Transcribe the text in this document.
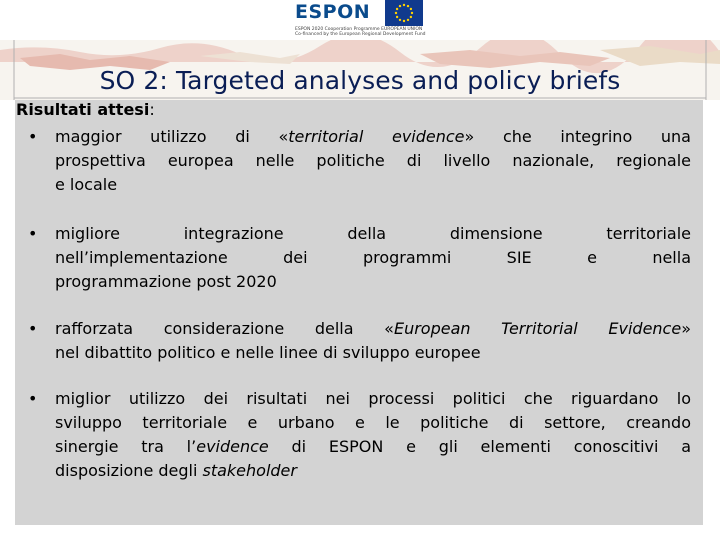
ESPON
ESPON 2020 Cooperation Programme EUROPEAN UNION
Co-financed by the European Regional Development Fund
SO 2: Targeted analyses and policy briefs
Risultati attesi:
• maggior utilizzo di «territorial evidence» che integrino una
prospettiva europea nelle politiche di livello nazionale, regionale
e locale
• migliore integrazione della dimensione territoriale
nell’implementazione dei programmi SIE e nella
programmazione post 2020
• rafforzata considerazione della «European Territorial Evidence»
nel dibattito politico e nelle linee di sviluppo europee
• miglior utilizzo dei risultati nei processi politici che riguardano lo
sviluppo territoriale e urbano e le politiche di settore, creando
sinergie tra l’evidence di ESPON e gli elementi conoscitivi a
disposizione degli stakeholder
